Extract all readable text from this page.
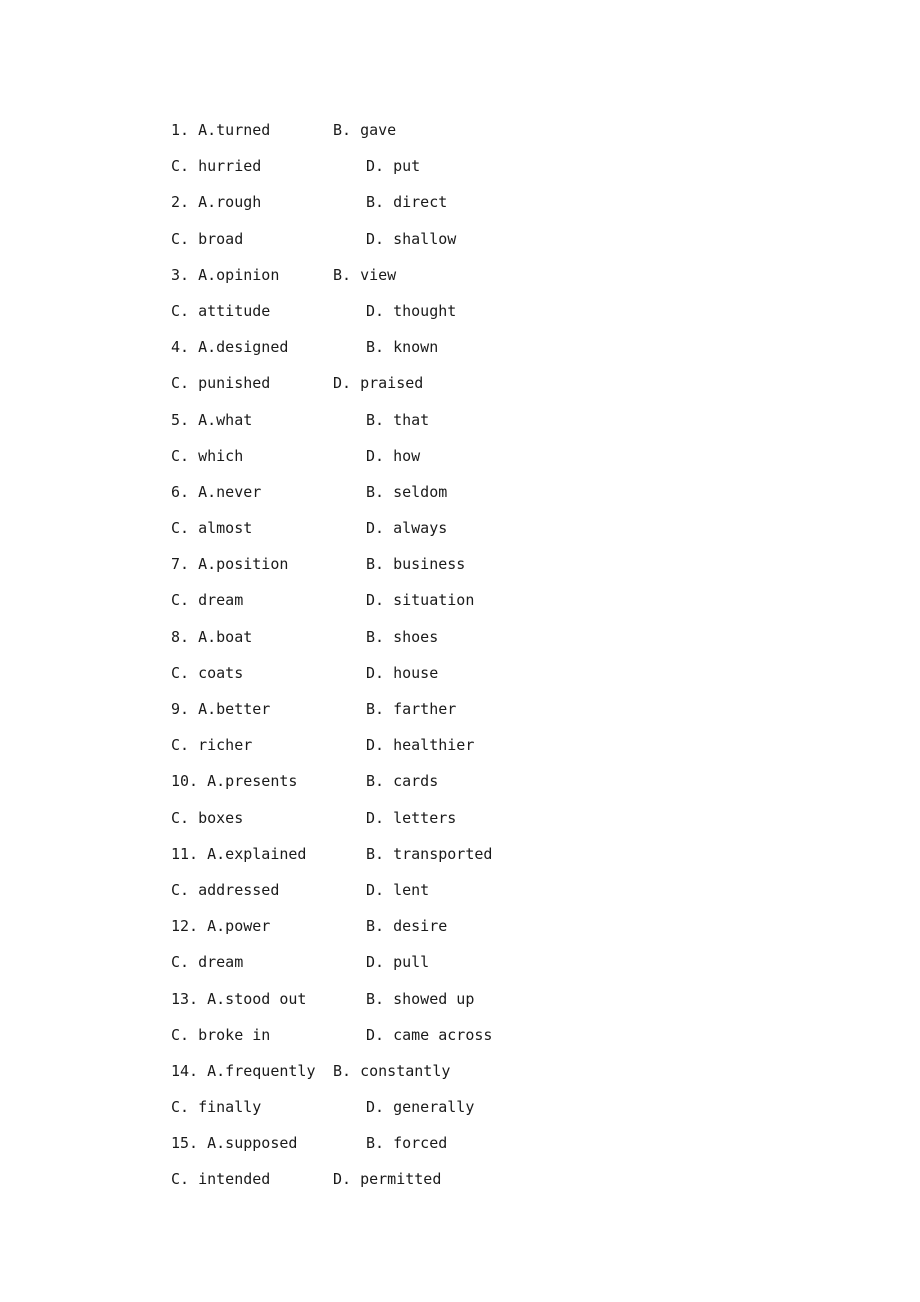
1. A.turned	B. gave
C. hurried	D. put
2. A.rough	B. direct
C. broad	D. shallow
3. A.opinion	B. view
C. attitude	D. thought
4. A.designed	B. known
C. punished	D. praised
5. A.what	B. that
C. which	D. how
6. A.never	B. seldom
C. almost	D. always
7. A.position	B. business
C. dream	D. situation
8. A.boat	B. shoes
C. coats	D. house
9. A.better	B. farther
C. richer	D. healthier
10. A.presents	B. cards
C. boxes	D. letters
11. A.explained	B. transported
C. addressed	D. lent
12. A.power	B. desire
C. dream	D. pull
13. A.stood out	B. showed up
C. broke in	D. came across
14. A.frequently B. constantly
C. finally	D. generally
15. A.supposed	B. forced
C. intended	D. permitted
